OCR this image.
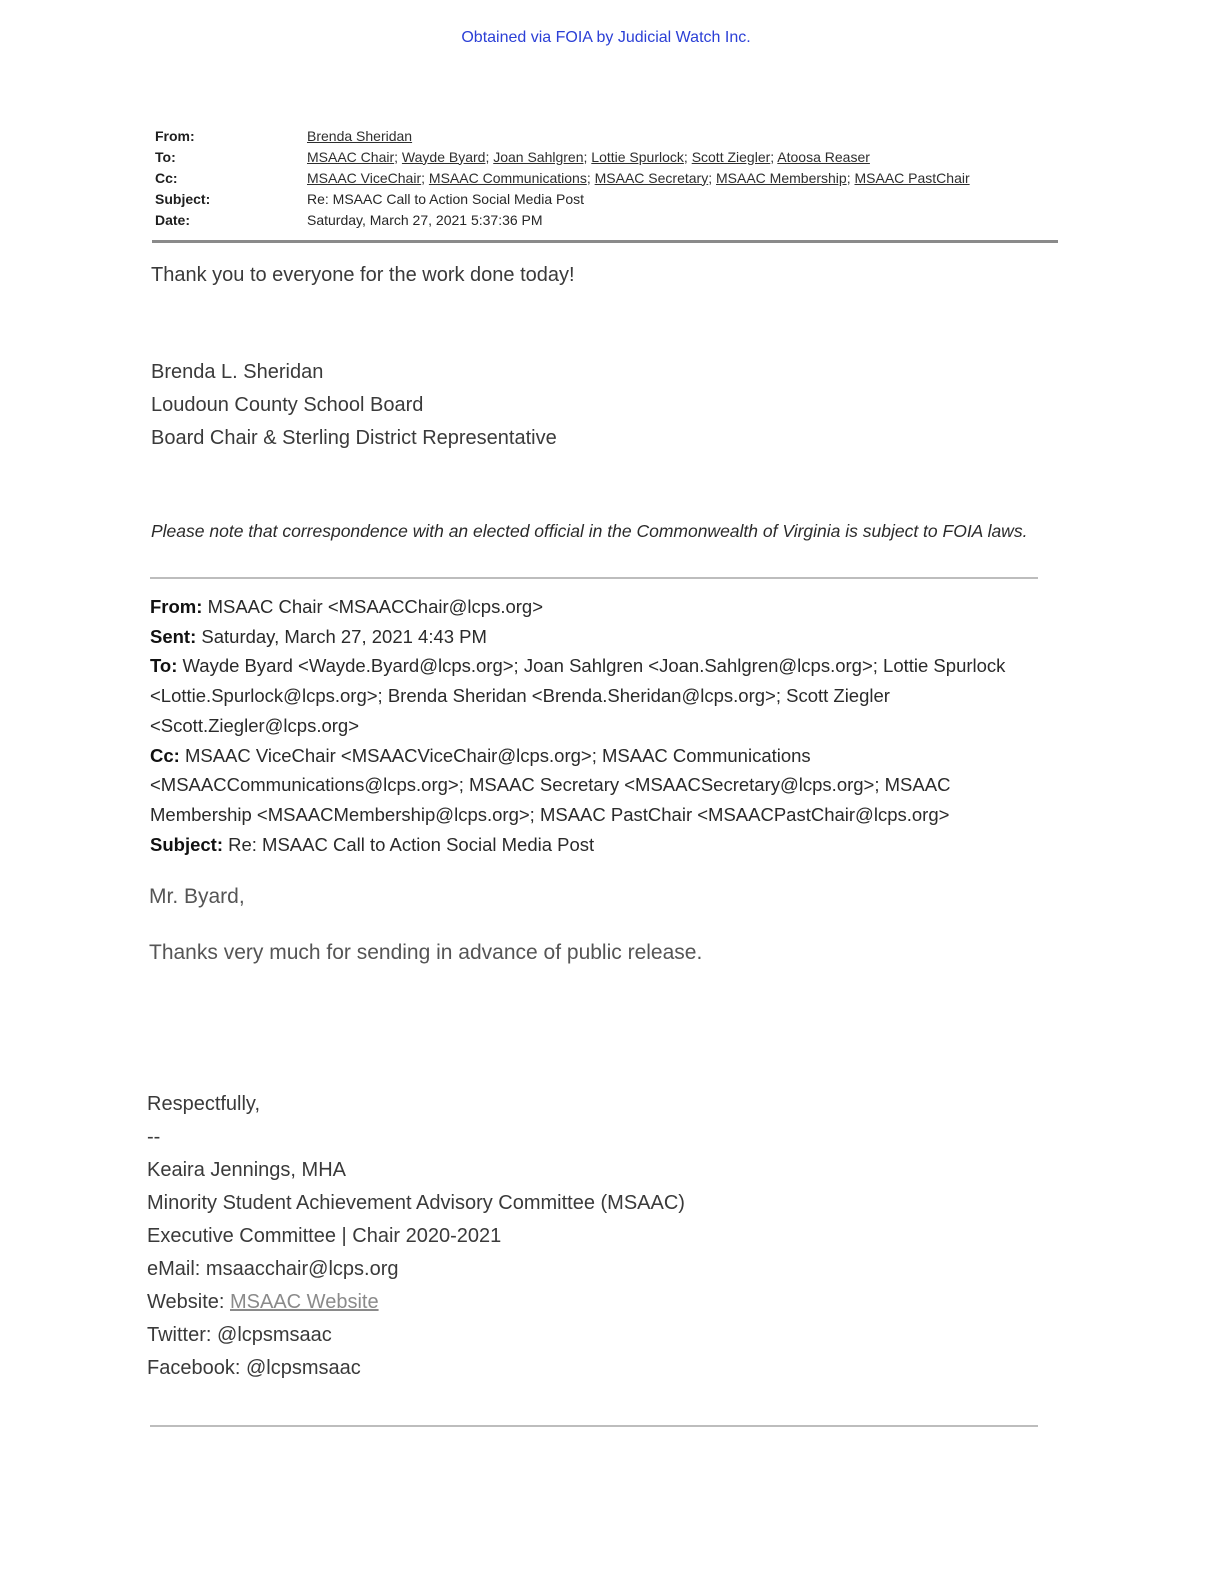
Obtained via FOIA by Judicial Watch Inc.
From:	Brenda Sheridan
To:	MSAAC Chair; Wayde Byard; Joan Sahlgren; Lottie Spurlock; Scott Ziegler; Atoosa Reaser
Cc:	MSAAC ViceChair; MSAAC Communications; MSAAC Secretary; MSAAC Membership; MSAAC PastChair
Subject:	Re: MSAAC Call to Action Social Media Post
Date:	Saturday, March 27, 2021 5:37:36 PM
Thank you to everyone for the work done today!
Brenda L. Sheridan
Loudoun County School Board
Board Chair & Sterling District Representative
Please note that correspondence with an elected official in the Commonwealth of Virginia is subject to FOIA laws.
From: MSAAC Chair <MSAACChair@lcps.org>
Sent: Saturday, March 27, 2021 4:43 PM
To: Wayde Byard <Wayde.Byard@lcps.org>; Joan Sahlgren <Joan.Sahlgren@lcps.org>; Lottie Spurlock <Lottie.Spurlock@lcps.org>; Brenda Sheridan <Brenda.Sheridan@lcps.org>; Scott Ziegler <Scott.Ziegler@lcps.org>
Cc: MSAAC ViceChair <MSAACViceChair@lcps.org>; MSAAC Communications <MSAACCommunications@lcps.org>; MSAAC Secretary <MSAACSecretary@lcps.org>; MSAAC Membership <MSAACMembership@lcps.org>; MSAAC PastChair <MSAACPastChair@lcps.org>
Subject: Re: MSAAC Call to Action Social Media Post
Mr. Byard,
Thanks very much for sending in advance of public release.
Respectfully,
--
Keaira Jennings, MHA
Minority Student Achievement Advisory Committee (MSAAC)
Executive Committee | Chair 2020-2021
eMail: msaacchair@lcps.org
Website: MSAAC Website
Twitter: @lcpsmsaac
Facebook: @lcpsmsaac
